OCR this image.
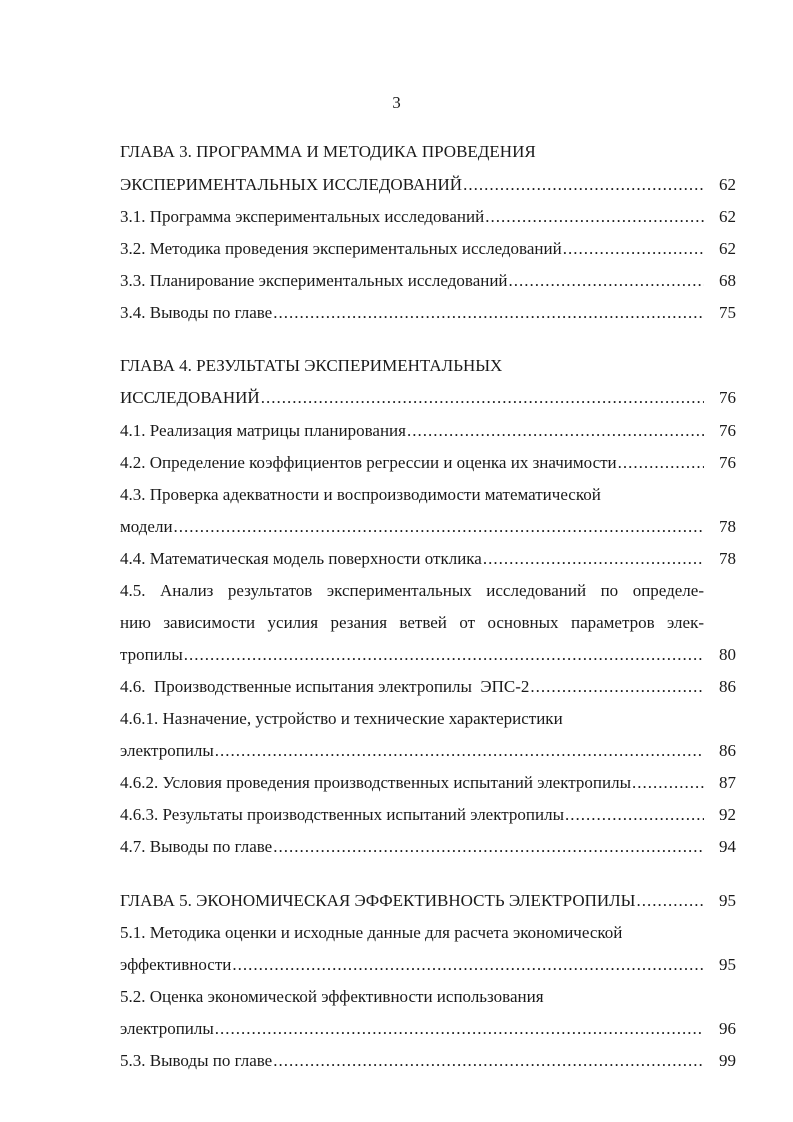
3
ГЛАВА 3. ПРОГРАММА И МЕТОДИКА ПРОВЕДЕНИЯ
ЭКСПЕРИМЕНТАЛЬНЫХ ИССЛЕДОВАНИЙ .....	62
3.1. Программа экспериментальных исследований .....	62
3.2. Методика проведения экспериментальных исследований .....	62
3.3. Планирование экспериментальных исследований .....	68
3.4. Выводы по главе .....	75
ГЛАВА 4. РЕЗУЛЬТАТЫ ЭКСПЕРИМЕНТАЛЬНЫХ
ИССЛЕДОВАНИЙ .....	76
4.1. Реализация матрицы планирования .....	76
4.2. Определение коэффициентов регрессии и оценка их значимости .....	76
4.3. Проверка адекватности и воспроизводимости математической
модели .....	78
4.4. Математическая модель поверхности отклика .....	78
4.5. Анализ результатов экспериментальных исследований по определе-
нию зависимости усилия резания ветвей от основных параметров элек-
тропилы .....	80
4.6.  Производственные испытания электропилы  ЭПС-2 .....	86
4.6.1. Назначение, устройство и технические характеристики
электропилы .....	86
4.6.2. Условия проведения производственных испытаний электропилы .....	87
4.6.3. Результаты производственных испытаний электропилы .....	92
4.7. Выводы по главе .....	94
ГЛАВА 5. ЭКОНОМИЧЕСКАЯ ЭФФЕКТИВНОСТЬ ЭЛЕКТРОПИЛЫ .....	95
5.1. Методика оценки и исходные данные для расчета экономической
эффективности .....	95
5.2. Оценка экономической эффективности использования
электропилы .....	96
5.3. Выводы по главе .....	99
